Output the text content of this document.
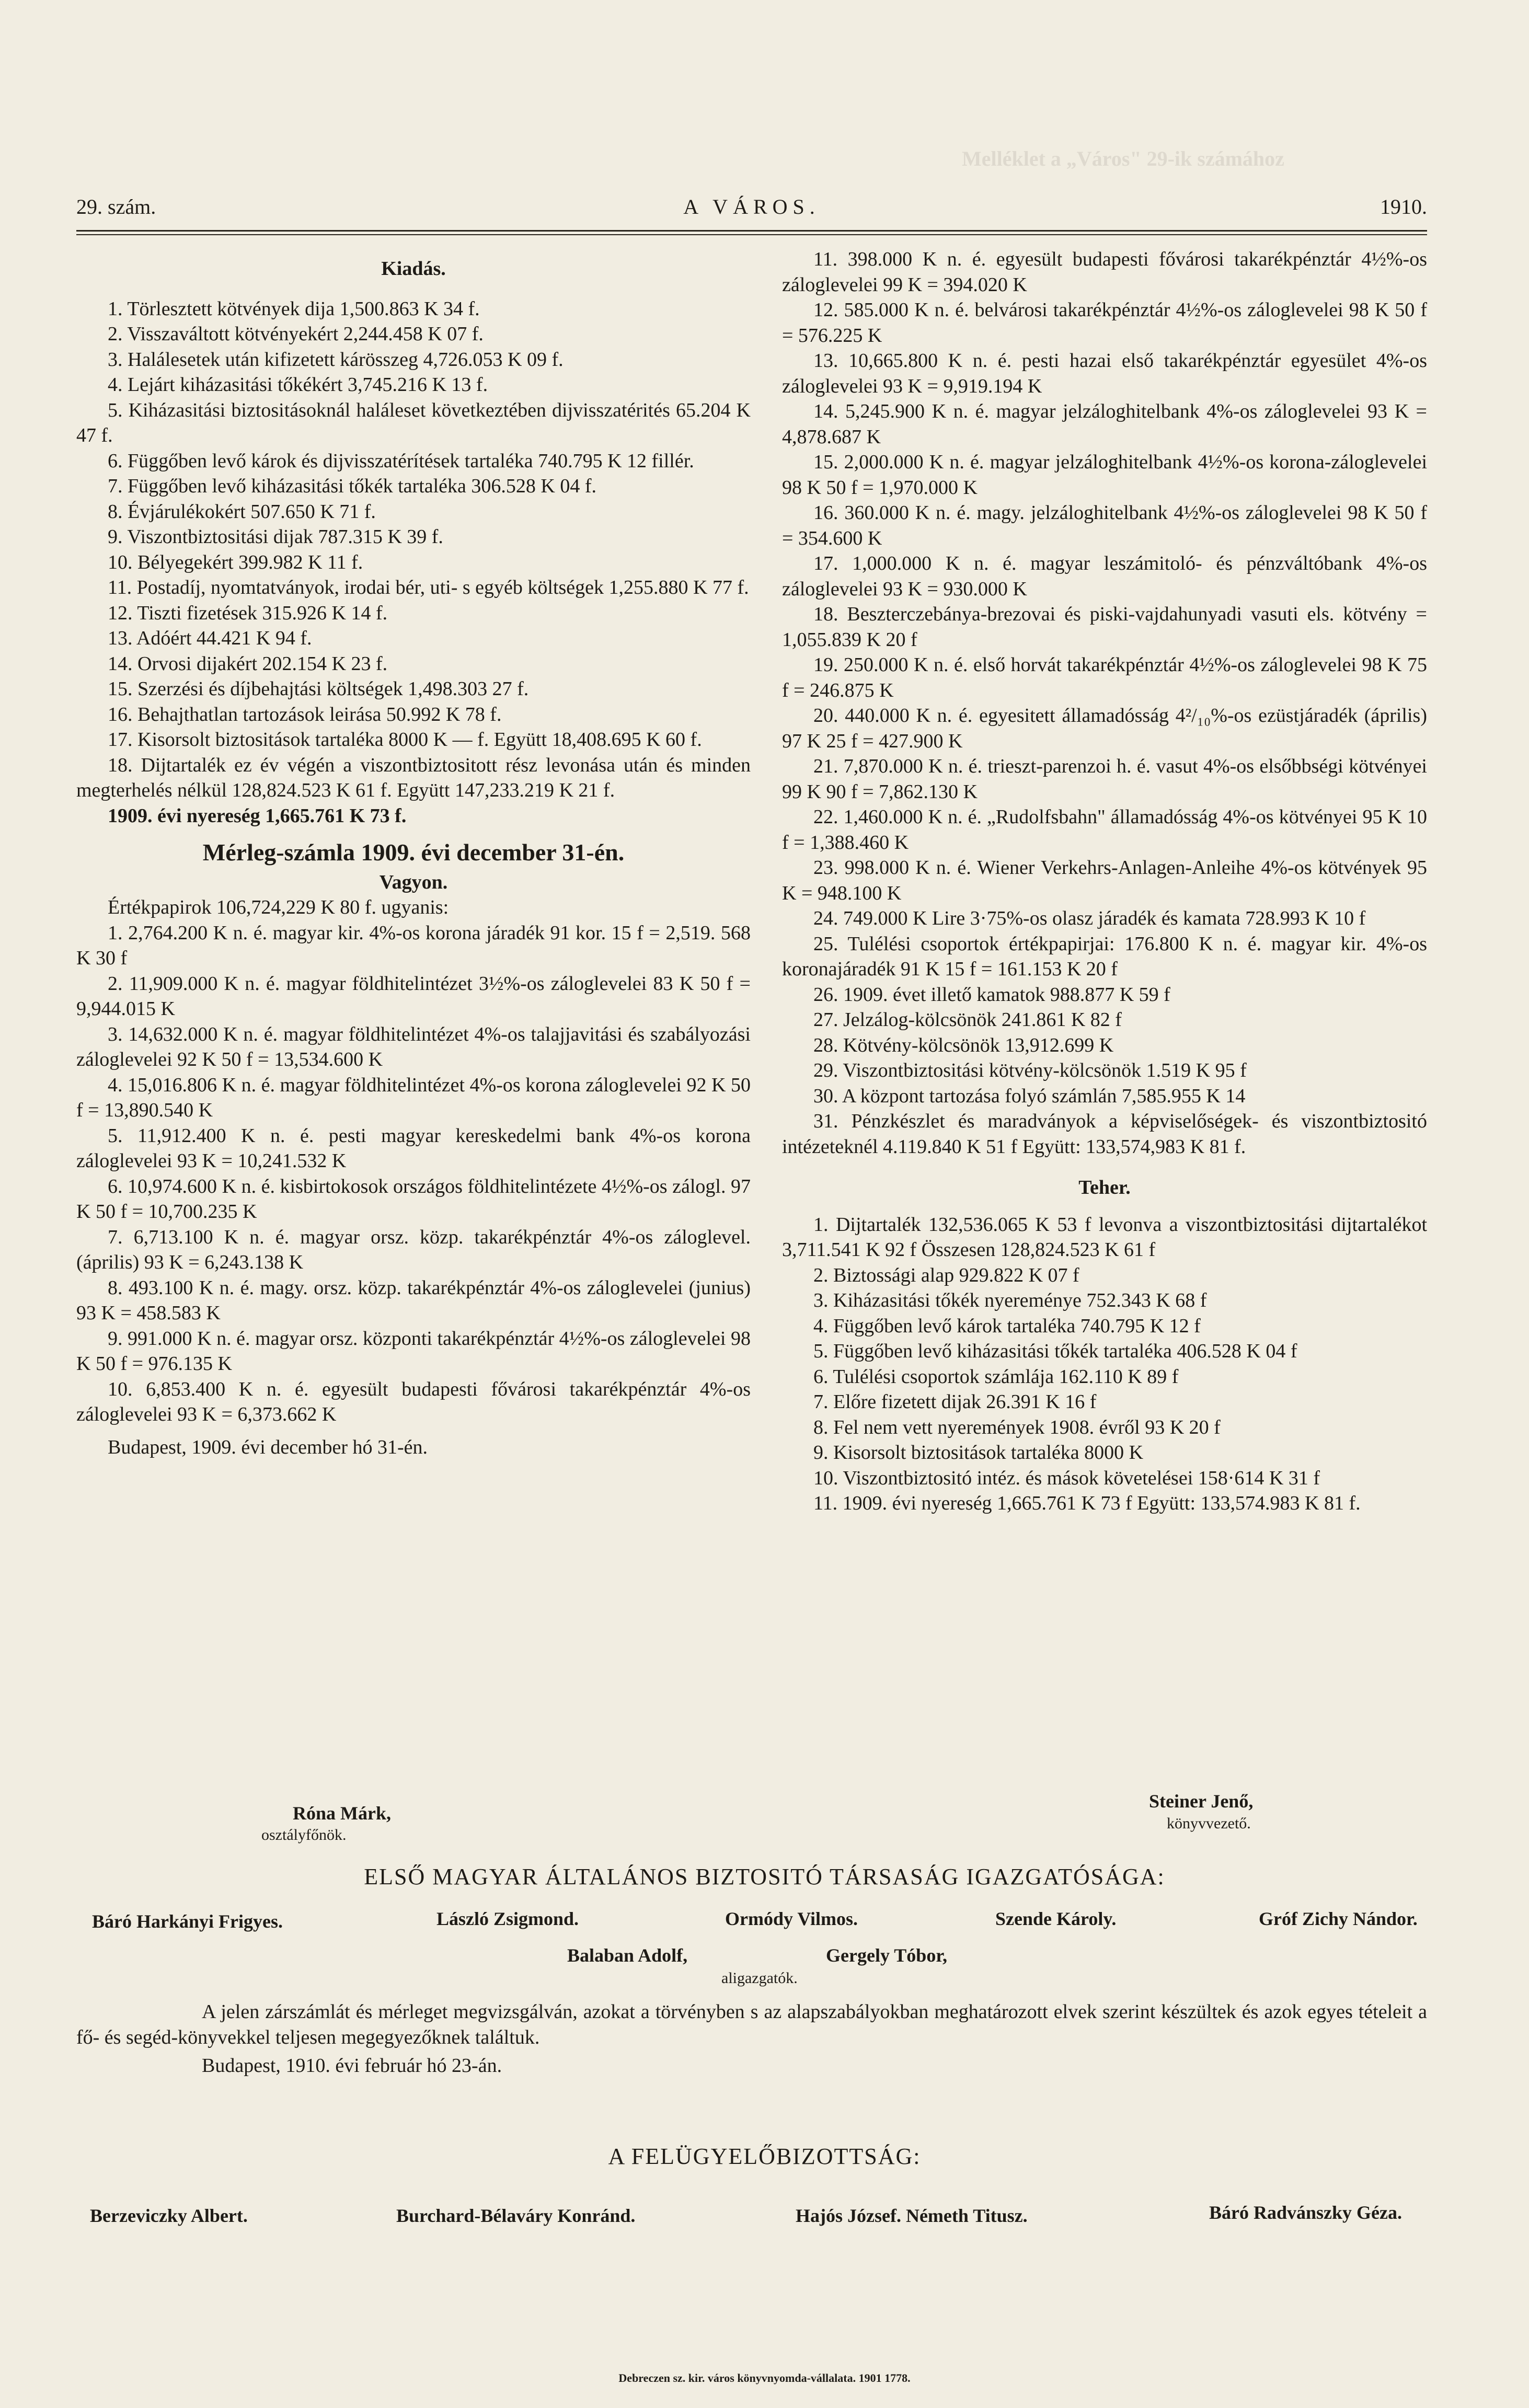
Melléklet a „Város" 29-ik számához
29. szám.	A VÁROS.	1910.
Kiadás.
1. Törlesztett kötvények dija 1,500.863 K 34 f.
2. Visszaváltott kötvényekért 2,244.458 K 07 f.
3. Halálesetek után kifizetett kárösszeg 4,726.053 K 09 f.
4. Lejárt kiházasitási tőkékért 3,745.216 K 13 f.
5. Kiházasitási biztositásoknál haláleset következtében dijvisszatérités 65.204 K 47 f.
6. Függőben levő károk és dijvisszatérítések tartaléka 740.795 K 12 fillér.
7. Függőben levő kiházasitási tőkék tartaléka 306.528 K 04 f.
8. Évjárulékokért 507.650 K 71 f.
9. Viszontbiztositási dijak 787.315 K 39 f.
10. Bélyegekért 399.982 K 11 f.
11. Postadíj, nyomtatványok, irodai bér, uti- s egyéb költségek 1,255.880 K 77 f.
12. Tiszti fizetések 315.926 K 14 f.
13. Adóért 44.421 K 94 f.
14. Orvosi dijakért 202.154 K 23 f.
15. Szerzési és díjbehajtási költségek 1,498.303 27 f.
16. Behajthatlan tartozások leirása 50.992 K 78 f.
17. Kisorsolt biztositások tartaléka 8000 K — f. Együtt 18,408.695 K 60 f.
18. Dijtartalék ez év végén a viszontbiztositott rész levonása után és minden megterhelés nélkül 128,824.523 K 61 f. Együtt 147,233.219 K 21 f.
1909. évi nyereség 1,665.761 K 73 f.
Mérleg-számla 1909. évi december 31-én.
Vagyon.
Értékpapirok 106,724,229 K 80 f. ugyanis:
1. 2,764.200 K n. é. magyar kir. 4%-os korona járadék 91 kor. 15 f = 2,519. 568 K 30 f
2. 11,909.000 K n. é. magyar földhitelintézet 3½%-os záloglevelei 83 K 50 f = 9,944.015 K
3. 14,632.000 K n. é. magyar földhitelintézet 4%-os talajjavitási és szabályozási záloglevelei 92 K 50 f = 13,534.600 K
4. 15,016.806 K n. é. magyar földhitelintézet 4%-os korona záloglevelei 92 K 50 f = 13,890.540 K
5. 11,912.400 K n. é. pesti magyar kereskedelmi bank 4%-os korona záloglevelei 93 K = 10,241.532 K
6. 10,974.600 K n. é. kisbirtokosok országos földhitelintézete 4½%-os zálogl. 97 K 50 f = 10,700.235 K
7. 6,713.100 K n. é. magyar orsz. közp. takarékpénztár 4%-os záloglevel. (április) 93 K = 6,243.138 K
8. 493.100 K n. é. magy. orsz. közp. takarékpénztár 4%-os záloglevelei (junius) 93 K = 458.583 K
9. 991.000 K n. é. magyar orsz. központi takarékpénztár 4½%-os záloglevelei 98 K 50 f = 976.135 K
10. 6,853.400 K n. é. egyesült budapesti fővárosi takarékpénztár 4%-os záloglevelei 93 K = 6,373.662 K
Budapest, 1909. évi december hó 31-én.
11. 398.000 K n. é. egyesült budapesti fővárosi takarékpénztár 4½%-os záloglevelei 99 K = 394.020 K
12. 585.000 K n. é. belvárosi takarékpénztár 4½%-os záloglevelei 98 K 50 f = 576.225 K
13. 10,665.800 K n. é. pesti hazai első takarékpénztár egyesület 4%-os záloglevelei 93 K = 9,919.194 K
14. 5,245.900 K n. é. magyar jelzáloghitelbank 4%-os záloglevelei 93 K = 4,878.687 K
15. 2,000.000 K n. é. magyar jelzáloghitelbank 4½%-os korona-záloglevelei 98 K 50 f = 1,970.000 K
16. 360.000 K n. é. magy. jelzáloghitelbank 4½%-os záloglevelei 98 K 50 f = 354.600 K
17. 1,000.000 K n. é. magyar leszámitoló- és pénzváltóbank 4%-os záloglevelei 93 K = 930.000 K
18. Beszterczebánya-brezovai és piski-vajdahunyadi vasuti els. kötvény = 1,055.839 K 20 f
19. 250.000 K n. é. első horvát takarékpénztár 4½%-os záloglevelei 98 K 75 f = 246.875 K
20. 440.000 K n. é. egyesitett államadósság 4²/₁₀%-os ezüstjáradék (április) 97 K 25 f = 427.900 K
21. 7,870.000 K n. é. trieszt-parenzoi h. é. vasut 4%-os elsőbbségi kötvényei 99 K 90 f = 7,862.130 K
22. 1,460.000 K n. é. „Rudolfsbahn" államadósság 4%-os kötvényei 95 K 10 f = 1,388.460 K
23. 998.000 K n. é. Wiener Verkehrs-Anlagen-Anleihe 4%-os kötvények 95 K = 948.100 K
24. 749.000 K Lire 3·75%-os olasz járadék és kamata 728.993 K 10 f
25. Tulélési csoportok értékpapirjai: 176.800 K n. é. magyar kir. 4%-os koronajáradék 91 K 15 f = 161.153 K 20 f
26. 1909. évet illető kamatok 988.877 K 59 f
27. Jelzálog-kölcsönök 241.861 K 82 f
28. Kötvény-kölcsönök 13,912.699 K
29. Viszontbiztositási kötvény-kölcsönök 1.519 K 95 f
30. A központ tartozása folyó számlán 7,585.955 K 14
31. Pénzkészlet és maradványok a képviselőségek- és viszontbiztositó intézeteknél 4.119.840 K 51 f Együtt: 133,574,983 K 81 f.
Teher.
1. Dijtartalék 132,536.065 K 53 f levonva a viszontbiztositási dijtartalékot 3,711.541 K 92 f Összesen 128,824.523 K 61 f
2. Biztossági alap 929.822 K 07 f
3. Kiházasitási tőkék nyereménye 752.343 K 68 f
4. Függőben levő károk tartaléka 740.795 K 12 f
5. Függőben levő kiházasitási tőkék tartaléka 406.528 K 04 f
6. Tulélési csoportok számlája 162.110 K 89 f
7. Előre fizetett dijak 26.391 K 16 f
8. Fel nem vett nyeremények 1908. évről 93 K 20 f
9. Kisorsolt biztositások tartaléka 8000 K
10. Viszontbiztositó intéz. és mások követelései 158·614 K 31 f
11. 1909. évi nyereség 1,665.761 K 73 f Együtt: 133,574.983 K 81 f.
Róna Márk,
osztályfőnök.
Steiner Jenő,
könyvvezető.
ELSŐ MAGYAR ÁLTALÁNOS BIZTOSITÓ TÁRSASÁG IGAZGATÓSÁGA:
Báró Harkányi Frigyes.	László Zsigmond.	Ormódy Vilmos.	Szende Károly.	Gróf Zichy Nándor.
Balaban Adolf,	Gergely Tóbor,
aligazgatók.
A jelen zárszámlát és mérleget megvizsgálván, azokat a törvényben s az alapszabályokban meghatározott elvek szerint készültek és azok egyes tételeit a fő- és segéd-könyvekkel teljesen megegyezőknek találtuk.
Budapest, 1910. évi február hó 23-án.
A FELÜGYELŐBIZOTTSÁG:
Berzeviczky Albert.	Burchard-Bélaváry Konránd.	Hajós József. Németh Titusz.	Báró Radvánszky Géza.
Debreczen sz. kir. város könyvnyomda-vállalata. 1901 1778.
